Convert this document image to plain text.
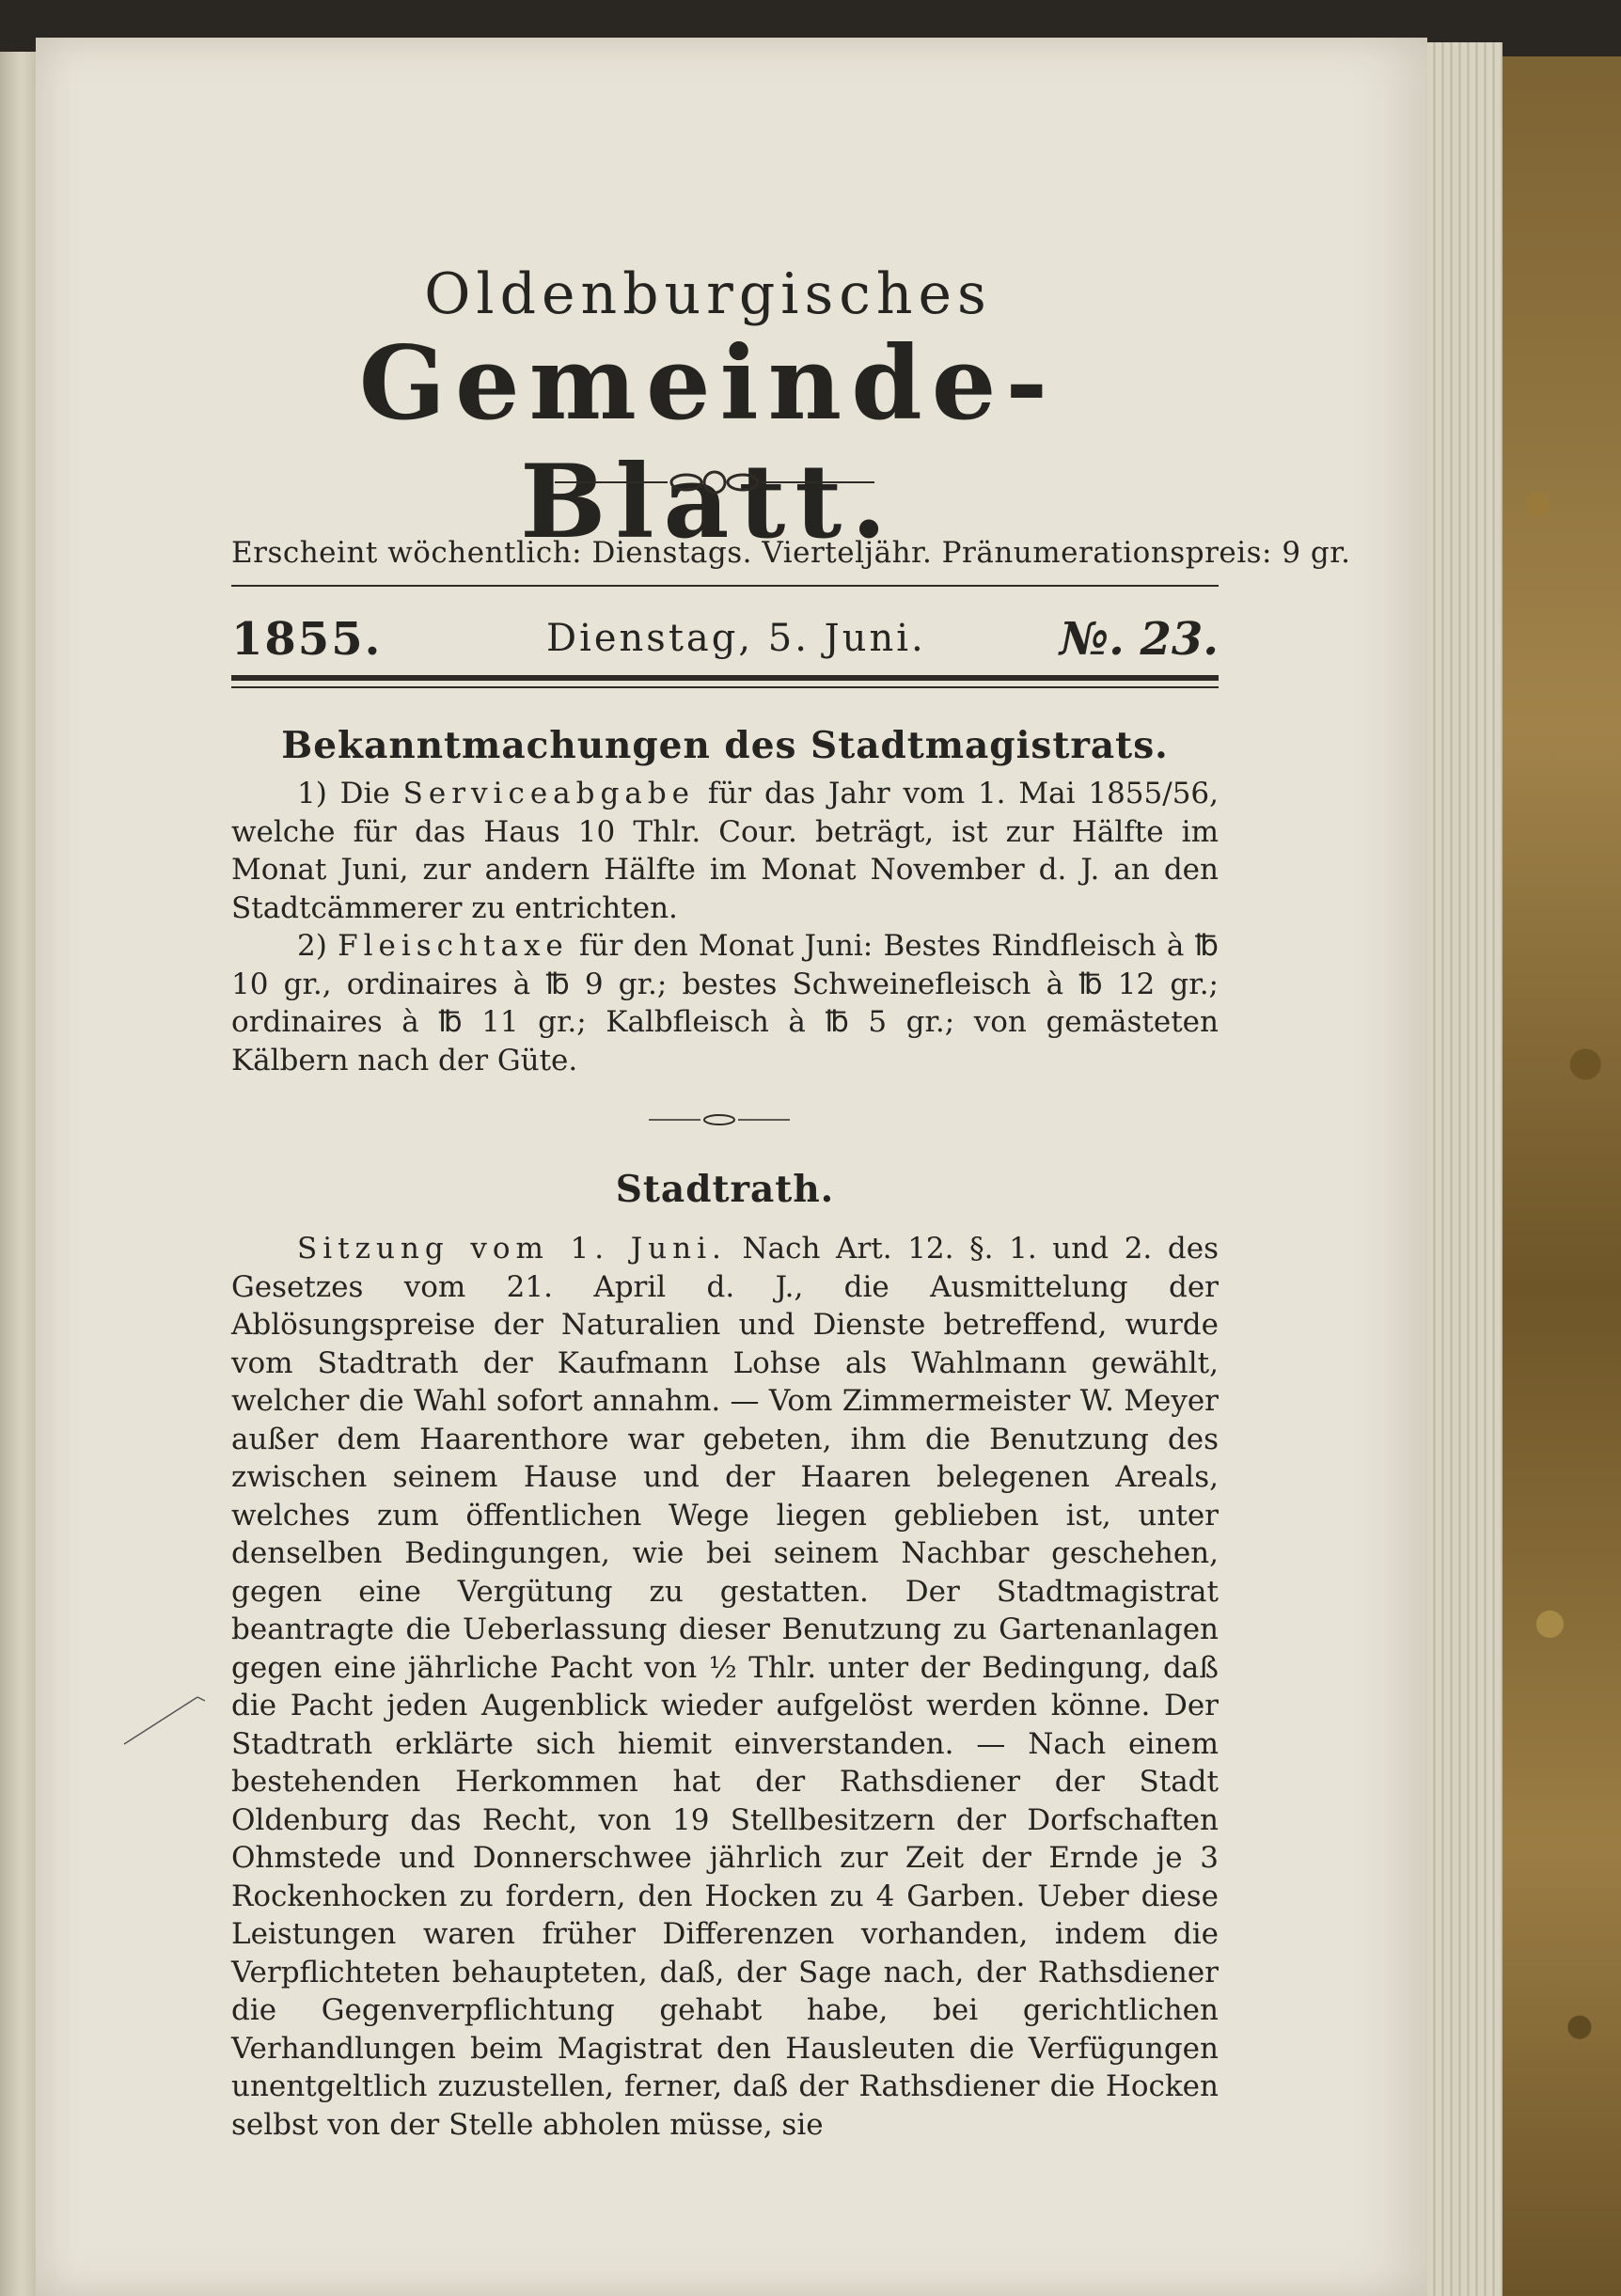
Oldenburgisches
Gemeinde-Blatt.
Erscheint wöchentlich: Dienstags. Vierteljähr. Pränumerationspreis: 9 gr.
1855.	Dienstag, 5. Juni.	№. 23.
Bekanntmachungen des Stadtmagistrats.

1) Die Serviceabgabe für das Jahr vom 1. Mai 1855/56, welche für das Haus 10 Thlr. Cour. beträgt, ist zur Hälfte im Monat Juni, zur andern Hälfte im Monat November d. J. an den Stadtcämmerer zu entrichten.

2) Fleischtaxe für den Monat Juni: Bestes Rindfleisch à ℔ 10 gr., ordinaires à ℔ 9 gr.; bestes Schweinefleisch à ℔ 12 gr.; ordinaires à ℔ 11 gr.; Kalbfleisch à ℔ 5 gr.; von gemästeten Kälbern nach der Güte.

Stadtrath.

Sitzung vom 1. Juni. Nach Art. 12. §. 1. und 2. des Gesetzes vom 21. April d. J., die Ausmittelung der Ablösungspreise der Naturalien und Dienste betreffend, wurde vom Stadtrath der Kaufmann Lohse als Wahlmann gewählt, welcher die Wahl sofort annahm. — Vom Zimmermeister W. Meyer außer dem Haarenthore war gebeten, ihm die Benutzung des zwischen seinem Hause und der Haaren belegenen Areals, welches zum öffentlichen Wege liegen geblieben ist, unter denselben Bedingungen, wie bei seinem Nachbar geschehen, gegen eine Vergütung zu gestatten. Der Stadtmagistrat beantragte die Ueberlassung dieser Benutzung zu Gartenanlagen gegen eine jährliche Pacht von ½ Thlr. unter der Bedingung, daß die Pacht jeden Augenblick wieder aufgelöst werden könne. Der Stadtrath erklärte sich hiemit einverstanden. — Nach einem bestehenden Herkommen hat der Rathsdiener der Stadt Oldenburg das Recht, von 19 Stellbesitzern der Dorfschaften Ohmstede und Donnerschwee jährlich zur Zeit der Ernde je 3 Rockenhocken zu fordern, den Hocken zu 4 Garben. Ueber diese Leistungen waren früher Differenzen vorhanden, indem die Verpflichteten behaupteten, daß, der Sage nach, der Rathsdiener die Gegenverpflichtung gehabt habe, bei gerichtlichen Verhandlungen beim Magistrat den Hausleuten die Verfügungen unentgeltlich zuzustellen, ferner, daß der Rathsdiener die Hocken selbst von der Stelle abholen müsse, sie
